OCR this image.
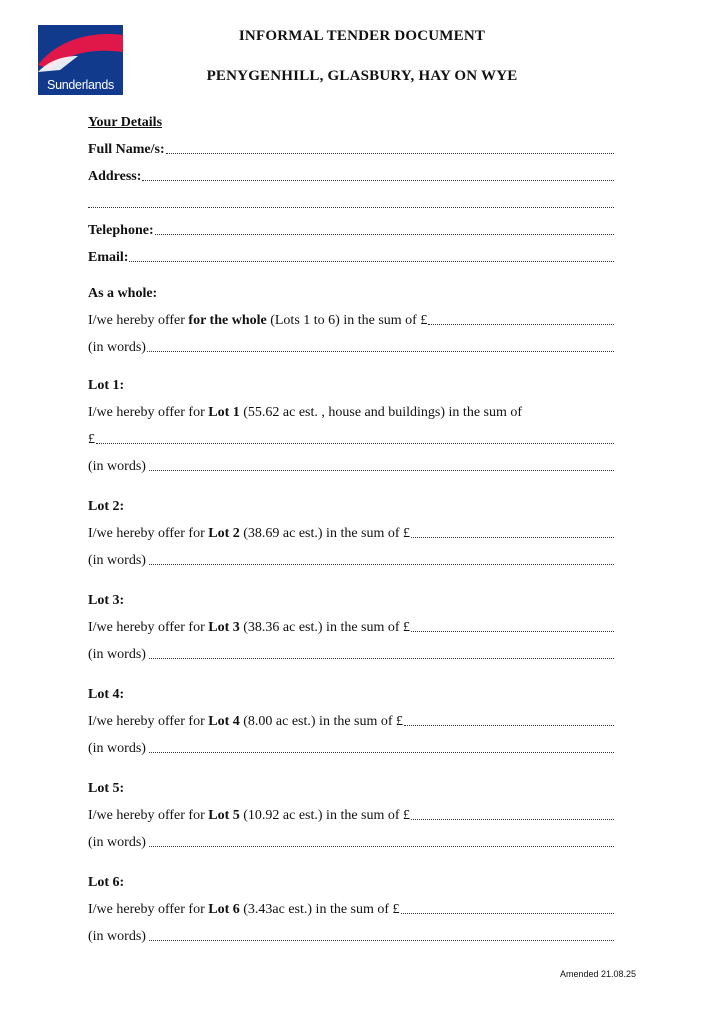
Sunderlands
INFORMAL TENDER DOCUMENT
PENYGENHILL, GLASBURY, HAY ON WYE
Your Details
Full Name/s:
Address:
Telephone:
Email:
As a whole:
I/we hereby offer for the whole (Lots 1 to 6) in the sum of £
(in words)
Lot 1:
I/we hereby offer for Lot 1 (55.62 ac est. , house and buildings) in the sum of
£
(in words)
Lot 2:
I/we hereby offer for Lot 2 (38.69 ac est.) in the sum of £
(in words)
Lot 3:
I/we hereby offer for Lot 3 (38.36 ac est.) in the sum of £
(in words)
Lot 4:
I/we hereby offer for Lot 4 (8.00 ac est.) in the sum of £
(in words)
Lot 5:
I/we hereby offer for Lot 5 (10.92 ac est.) in the sum of £
(in words)
Lot 6:
I/we hereby offer for Lot 6 (3.43ac est.) in the sum of £
(in words)
Amended 21.08.25
